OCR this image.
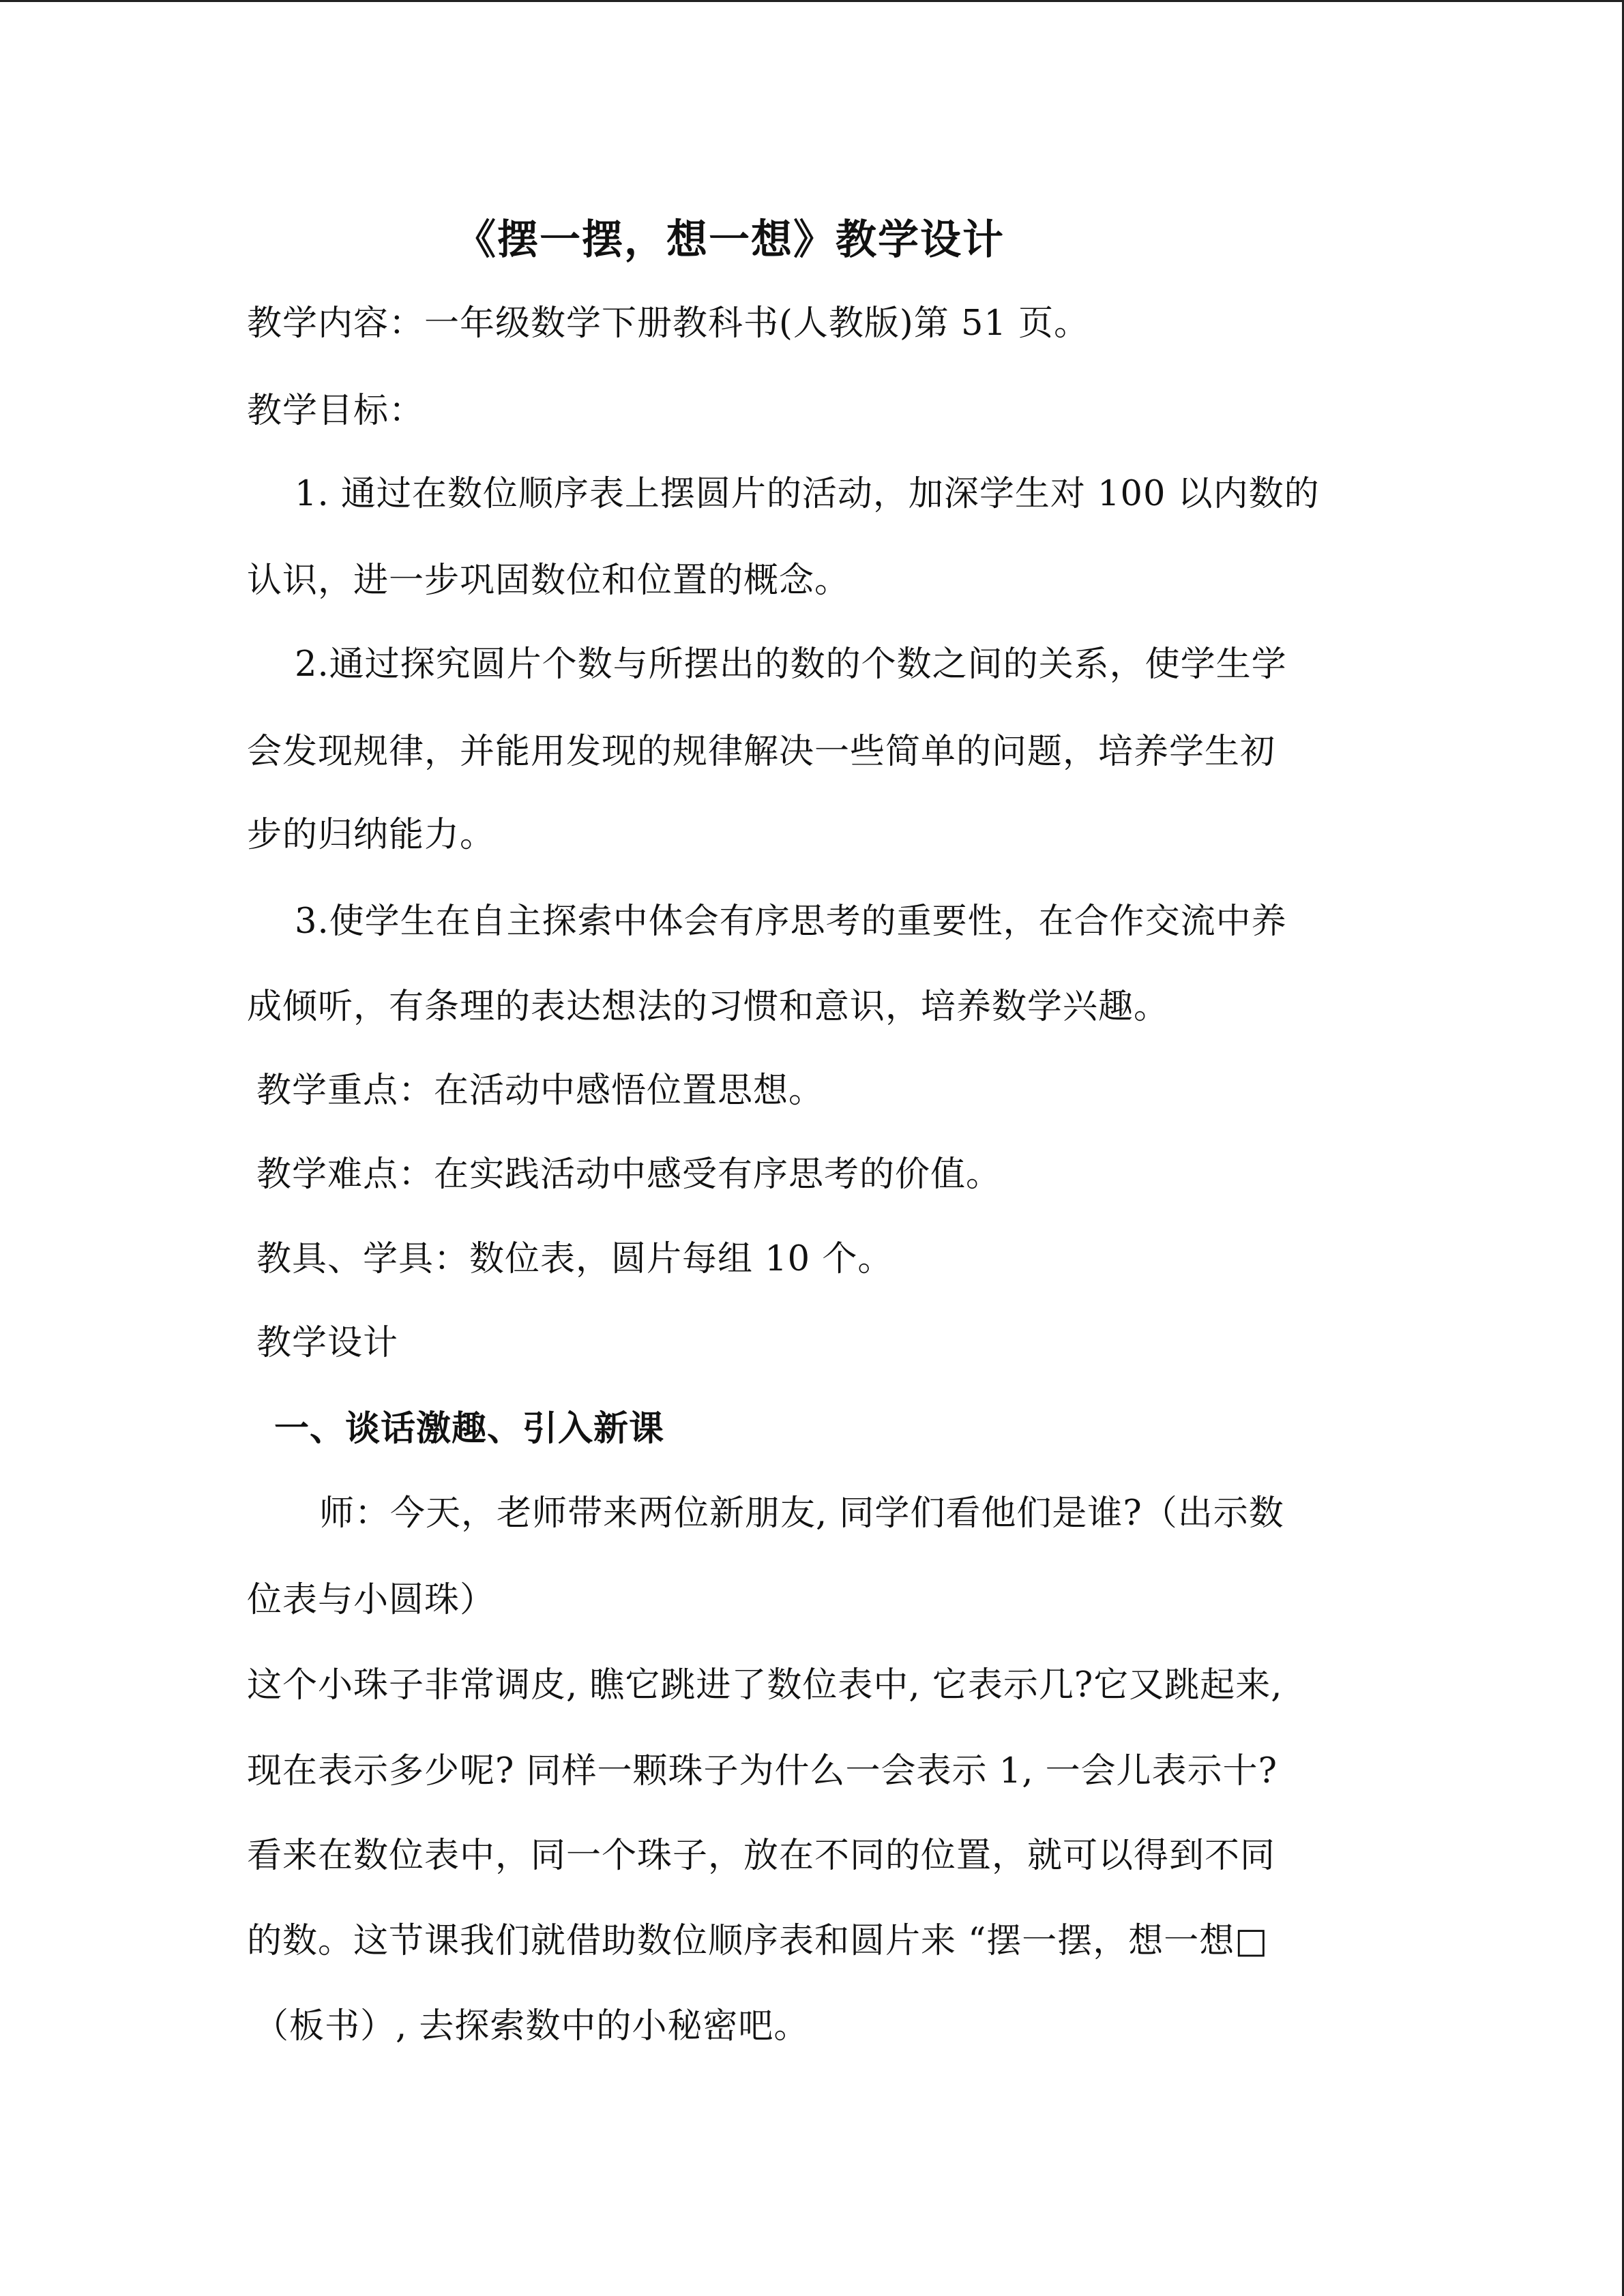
《摆一摆，想一想》教学设计
教学内容：一年级数学下册教科书(人教版)第 51 页。
教学目标：
1. 通过在数位顺序表上摆圆片的活动，加深学生对 100 以内数的
认识，进一步巩固数位和位置的概念。
2.通过探究圆片个数与所摆出的数的个数之间的关系，使学生学
会发现规律，并能用发现的规律解决一些简单的问题，培养学生初
步的归纳能力。
3.使学生在自主探索中体会有序思考的重要性，在合作交流中养
成倾听，有条理的表达想法的习惯和意识，培养数学兴趣。
教学重点：在活动中感悟位置思想。
教学难点：在实践活动中感受有序思考的价值。
教具、学具：数位表，圆片每组 10 个。
教学设计
一、谈话激趣、引入新课
师：今天，老师带来两位新朋友, 同学们看他们是谁?（出示数
位表与小圆珠）
这个小珠子非常调皮, 瞧它跳进了数位表中, 它表示几?它又跳起来,
现在表示多少呢? 同样一颗珠子为什么一会表示 1, 一会儿表示十?
看来在数位表中，同一个珠子，放在不同的位置，就可以得到不同
的数。这节课我们就借助数位顺序表和圆片来 “摆一摆，想一想□
（板书）, 去探索数中的小秘密吧。
